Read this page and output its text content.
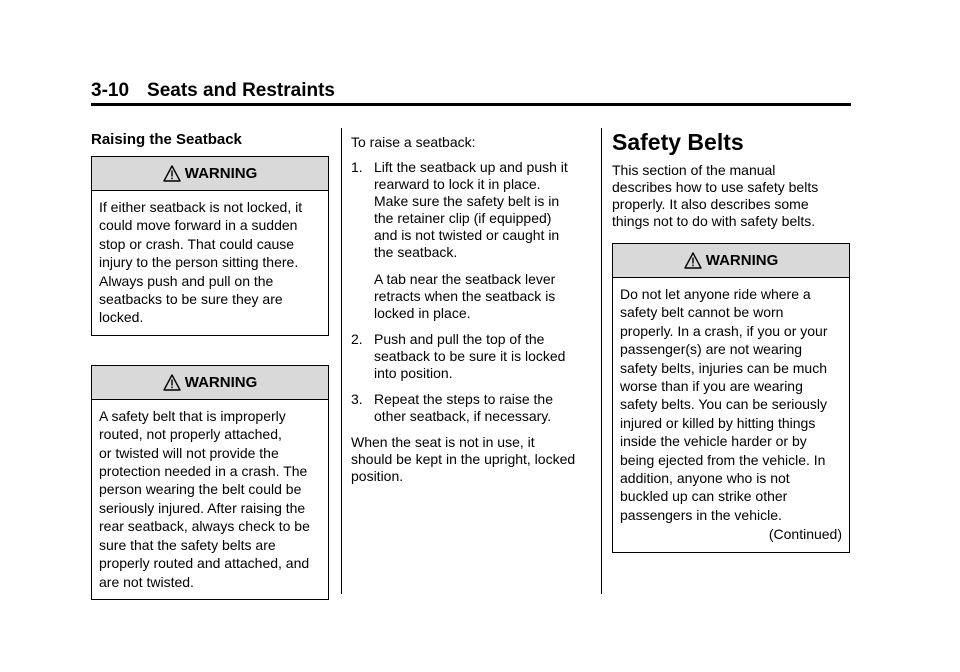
3-10 Seats and Restraints
Raising the Seatback
WARNING
If either seatback is not locked, it
could move forward in a sudden
stop or crash. That could cause
injury to the person sitting there.
Always push and pull on the
seatbacks to be sure they are
locked.
WARNING
A safety belt that is improperly
routed, not properly attached,
or twisted will not provide the
protection needed in a crash. The
person wearing the belt could be
seriously injured. After raising the
rear seatback, always check to be
sure that the safety belts are
properly routed and attached, and
are not twisted.

To raise a seatback:

1. Lift the seatback up and push it
rearward to lock it in place.
Make sure the safety belt is in
the retainer clip (if equipped)
and is not twisted or caught in
the seatback.
A tab near the seatback lever
retracts when the seatback is
locked in place.
2. Push and pull the top of the
seatback to be sure it is locked
into position.
3. Repeat the steps to raise the
other seatback, if necessary.
When the seat is not in use, it
should be kept in the upright, locked
position.
Safety Belts
This section of the manual
describes how to use safety belts
properly. It also describes some
things not to do with safety belts.
WARNING
Do not let anyone ride where a
safety belt cannot be worn
properly. In a crash, if you or your
passenger(s) are not wearing
safety belts, injuries can be much
worse than if you are wearing
safety belts. You can be seriously
injured or killed by hitting things
inside the vehicle harder or by
being ejected from the vehicle. In
addition, anyone who is not
buckled up can strike other
passengers in the vehicle.
(Continued)
